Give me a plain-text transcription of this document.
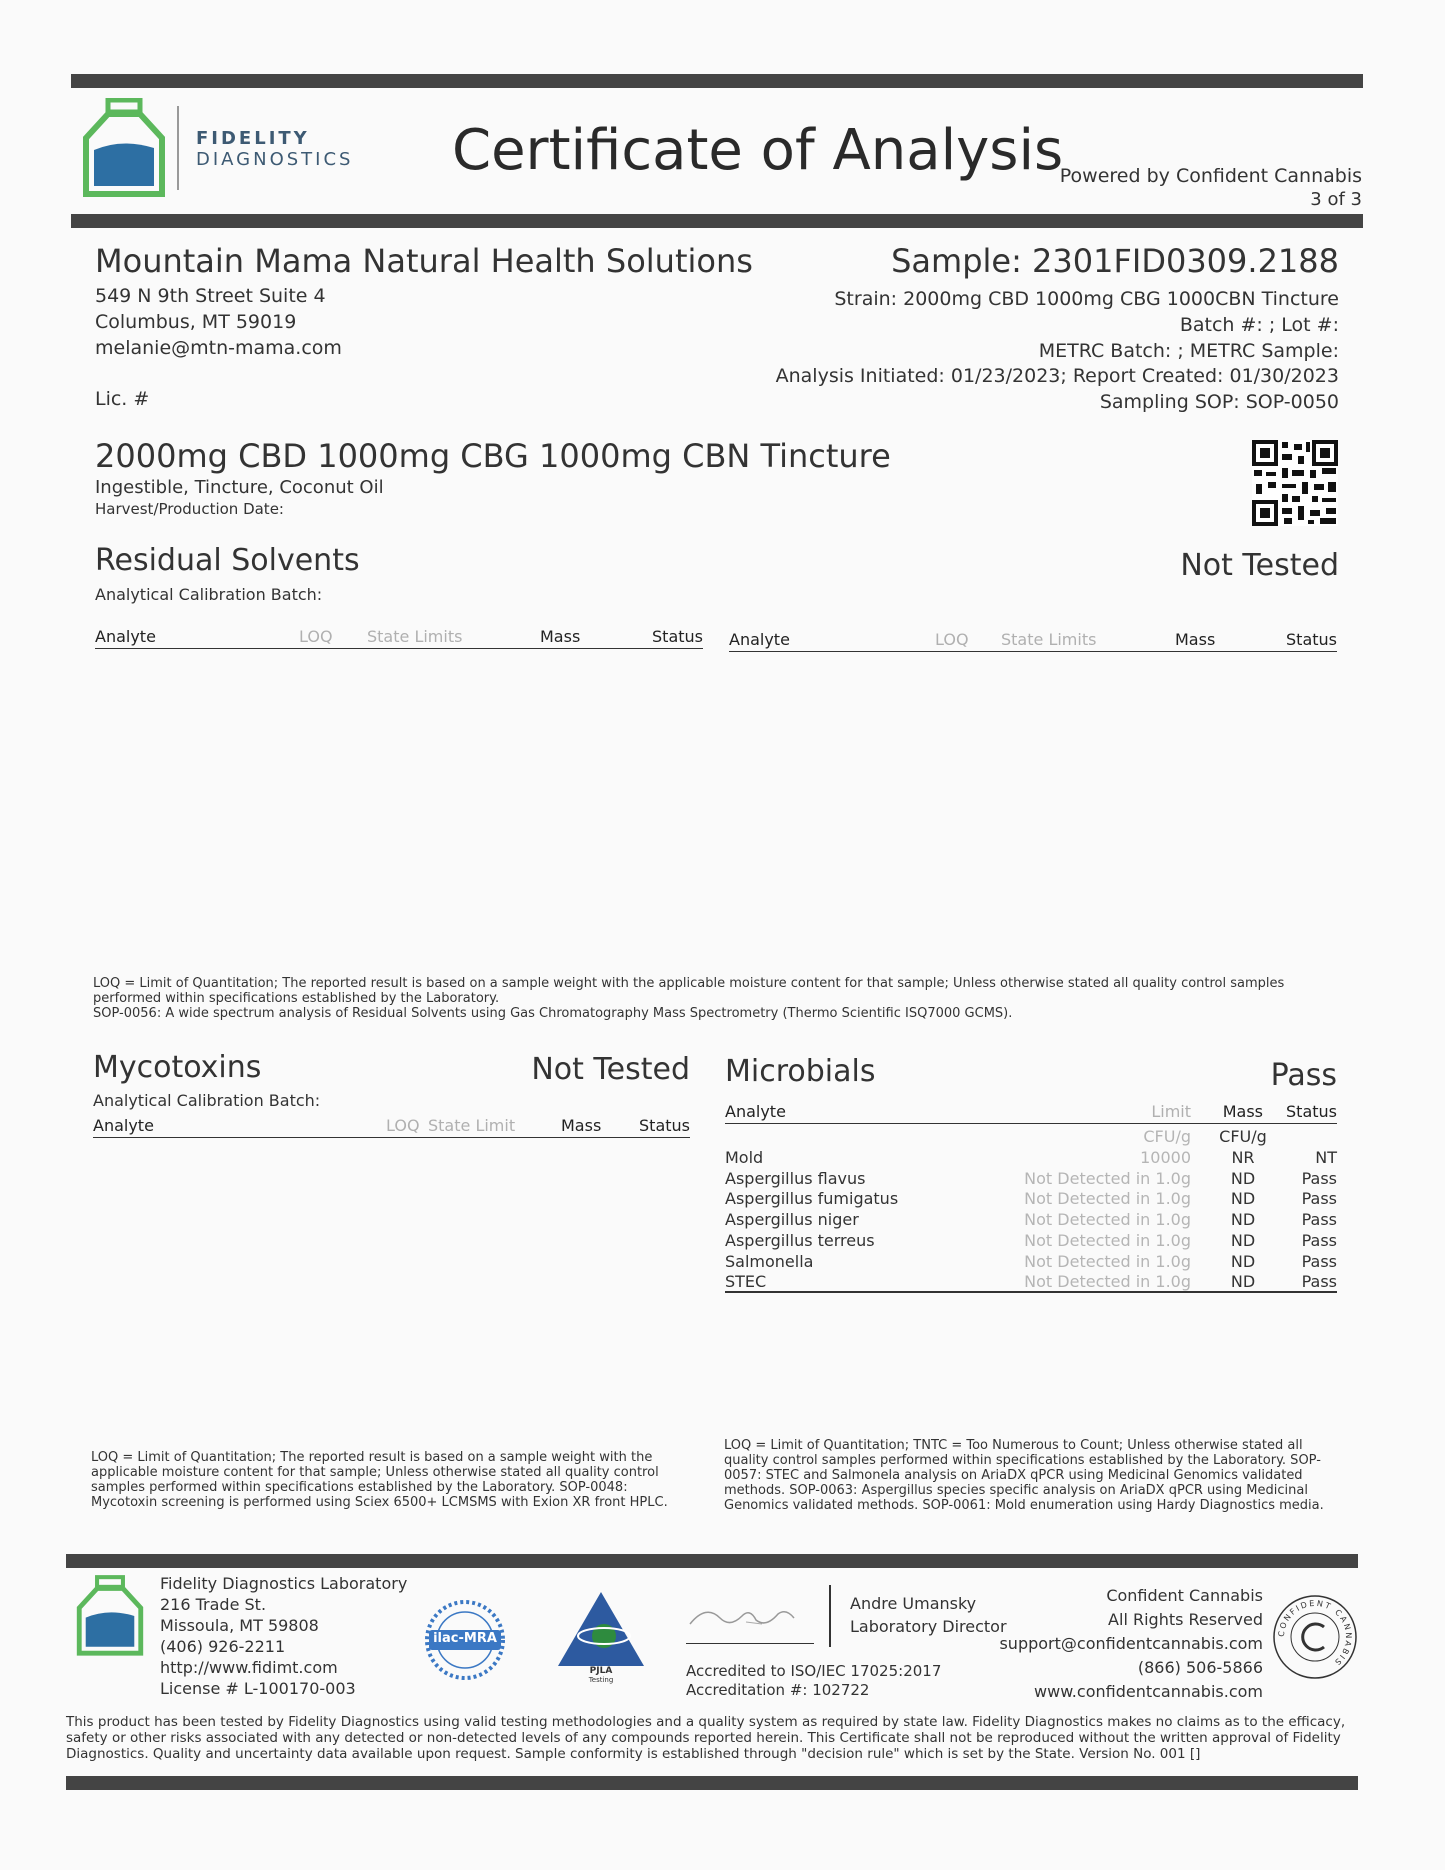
FIDELITY
DIAGNOSTICS Certificate of Analysis
Powered by Confident Cannabis
3 of 3
Mountain Mama Natural Health Solutions
549 N 9th Street Suite 4
Columbus, MT 59019
melanie@mtn-mama.com
Lic. #
Sample: 2301FID0309.2188
Strain: 2000mg CBD 1000mg CBG 1000CBN Tincture
Batch #: ; Lot #:
METRC Batch: ; METRC Sample:
Analysis Initiated: 01/23/2023; Report Created: 01/30/2023
Sampling SOP: SOP-0050
2000mg CBD 1000mg CBG 1000mg CBN Tincture
Ingestible, Tincture, Coconut Oil
Harvest/Production Date:
Residual Solvents	Not Tested
Analytical Calibration Batch:
Analyte	LOQ State Limits	Mass	Status Analyte	LOQ State Limits	Mass	Status
LOQ = Limit of Quantitation; The reported result is based on a sample weight with the applicable moisture content for that sample; Unless otherwise stated all quality control samples
performed within specifications established by the Laboratory.
SOP-0056: A wide spectrum analysis of Residual Solvents using Gas Chromatography Mass Spectrometry (Thermo Scientific ISQ7000 GCMS).
Mycotoxins	Not Tested
Analytical Calibration Batch:
Analyte	LOQ State Limit	Mass Status
LOQ = Limit of Quantitation; The reported result is based on a sample weight with the applicable moisture content for that sample; Unless otherwise stated all quality control samples performed within specifications established by the Laboratory. SOP-0048: Mycotoxin screening is performed using Sciex 6500+ LCMSMS with Exion XR front HPLC.
Microbials	Pass
Analyte	Limit Mass Status
CFU/g	CFU/g
Mold	10000	NR	NT
Aspergillus flavus	Not Detected in 1.0g	ND	Pass
Aspergillus fumigatus	Not Detected in 1.0g	ND	Pass
Aspergillus niger	Not Detected in 1.0g	ND	Pass
Aspergillus terreus	Not Detected in 1.0g	ND	Pass
Salmonella	Not Detected in 1.0g	ND	Pass
STEC	Not Detected in 1.0g	ND	Pass
LOQ = Limit of Quantitation; TNTC = Too Numerous to Count; Unless otherwise stated all quality control samples performed within specifications established by the Laboratory. SOP-0057: STEC and Salmonela analysis on AriaDX qPCR using Medicinal Genomics validated methods. SOP-0063: Aspergillus species specific analysis on AriaDX qPCR using Medicinal Genomics validated methods. SOP-0061: Mold enumeration using Hardy Diagnostics media.
Fidelity Diagnostics Laboratory
216 Trade St.
Missoula, MT 59808
(406) 926-2211
http://www.fidimt.com
License # L-100170-003
ilac-MRA
PJLA
Testing
Andre Umansky
Laboratory Director
Accredited to ISO/IEC 17025:2017
Accreditation #: 102722
Confident Cannabis
All Rights Reserved
support@confidentcannabis.com
(866) 506-5866
www.confidentcannabis.com
CONFIDENT CANNABIS
This product has been tested by Fidelity Diagnostics using valid testing methodologies and a quality system as required by state law. Fidelity Diagnostics makes no claims as to the efficacy, safety or other risks associated with any detected or non-detected levels of any compounds reported herein. This Certificate shall not be reproduced without the written approval of Fidelity Diagnostics. Quality and uncertainty data available upon request. Sample conformity is established through "decision rule" which is set by the State. Version No. 001 []
